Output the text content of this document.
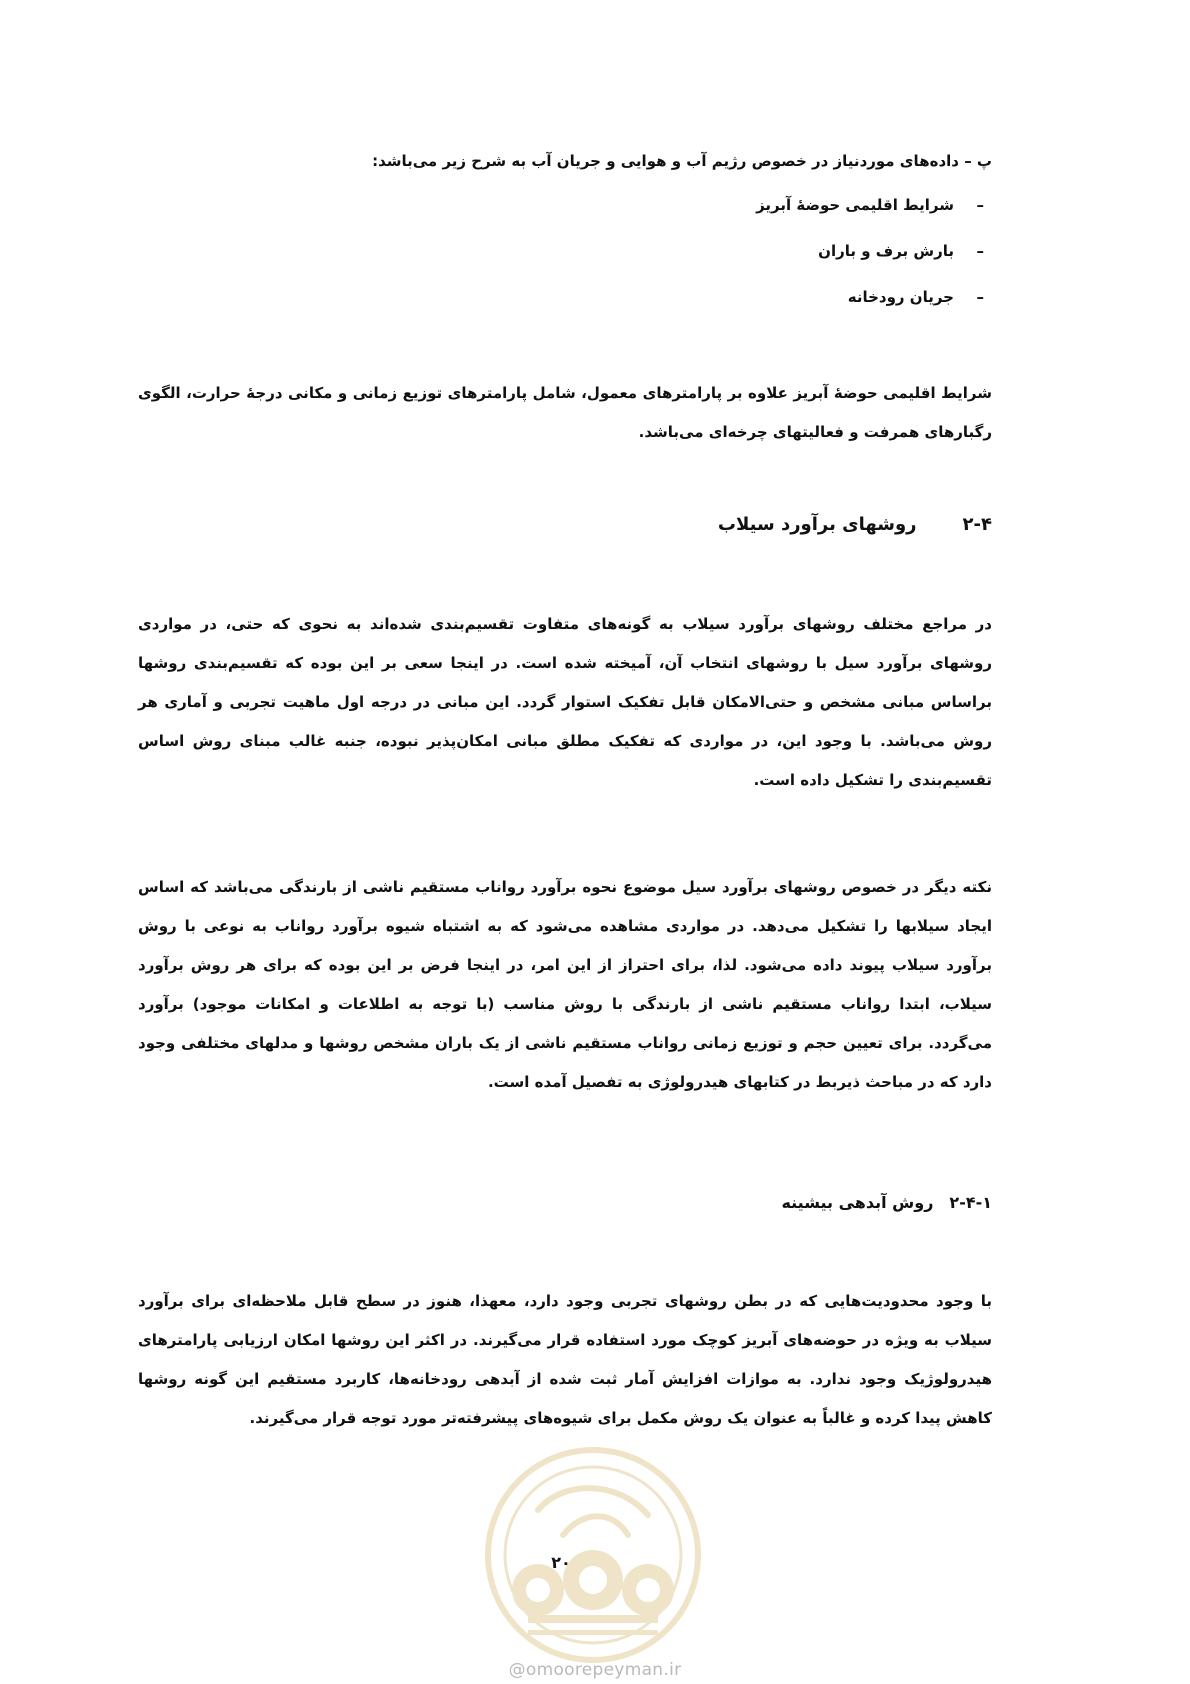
پ – داده‌های موردنیاز در خصوص رژیم آب و هوایی و جریان آب به شرح زیر می‌باشد:
–شرایط اقلیمی حوضۀ آبریز
–بارش برف و باران
–جریان رودخانه

شرایط اقلیمی حوضۀ آبریز علاوه بر پارامترهای معمول، شامل پارامترهای توزیع زمانی و مکانی درجۀ حرارت، الگوی رگبارهای همرفت و فعالیتهای چرخه‌ای می‌باشد.

۲-۴روشهای برآورد سیلاب

در مراجع مختلف روشهای برآورد سیلاب به گونه‌های متفاوت تقسیم‌بندی شده‌اند به نحوی که حتی، در مواردی روشهای برآورد سیل با روشهای انتخاب آن، آمیخته شده است. در اینجا سعی بر این بوده که تقسیم‌بندی روشها براساس مبانی مشخص و حتی‌الامکان قابل تفکیک استوار گردد. این مبانی در درجه اول ماهیت تجربی و آماری هر روش می‌باشد. با وجود این، در مواردی که تفکیک مطلق مبانی امکان‌پذیر نبوده، جنبه غالب مبنای روش اساس تقسیم‌بندی را تشکیل داده است.

نکته دیگر در خصوص روشهای برآورد سیل موضوع نحوه برآورد رواناب مستقیم ناشی از بارندگی می‌باشد که اساس ایجاد سیلابها را تشکیل می‌دهد. در مواردی مشاهده می‌شود که به اشتباه شیوه برآورد رواناب به نوعی با روش برآورد سیلاب پیوند داده می‌شود. لذا، برای احتراز از این امر، در اینجا فرض بر این بوده که برای هر روش برآورد سیلاب، ابتدا رواناب مستقیم ناشی از بارندگی با روش مناسب (با توجه به اطلاعات و امکانات موجود) برآورد می‌گردد. برای تعیین حجم و توزیع زمانی رواناب مستقیم ناشی از یک باران مشخص روشها و مدلهای مختلفی وجود دارد که در مباحث ذیربط در کتابهای هیدرولوژی به تفصیل آمده است.

۲-۴-۱روش آبدهی بیشینه

با وجود محدودیت‌هایی که در بطن روشهای تجربی وجود دارد، معهذا، هنوز در سطح قابل ملاحظه‌ای برای برآورد سیلاب به ویژه در حوضه‌های آبریز کوچک مورد استفاده قرار می‌گیرند. در اکثر این روشها امکان ارزیابی پارامترهای هیدرولوژیک وجود ندارد. به موازات افزایش آمار ثبت شده از آبدهی رودخانه‌ها، کاربرد مستقیم این گونه روشها کاهش پیدا کرده و غالباً به عنوان یک روش مکمل برای شیوه‌های پیشرفته‌تر مورد توجه قرار می‌گیرند.

۲۰
@omoorepeyman.ir
